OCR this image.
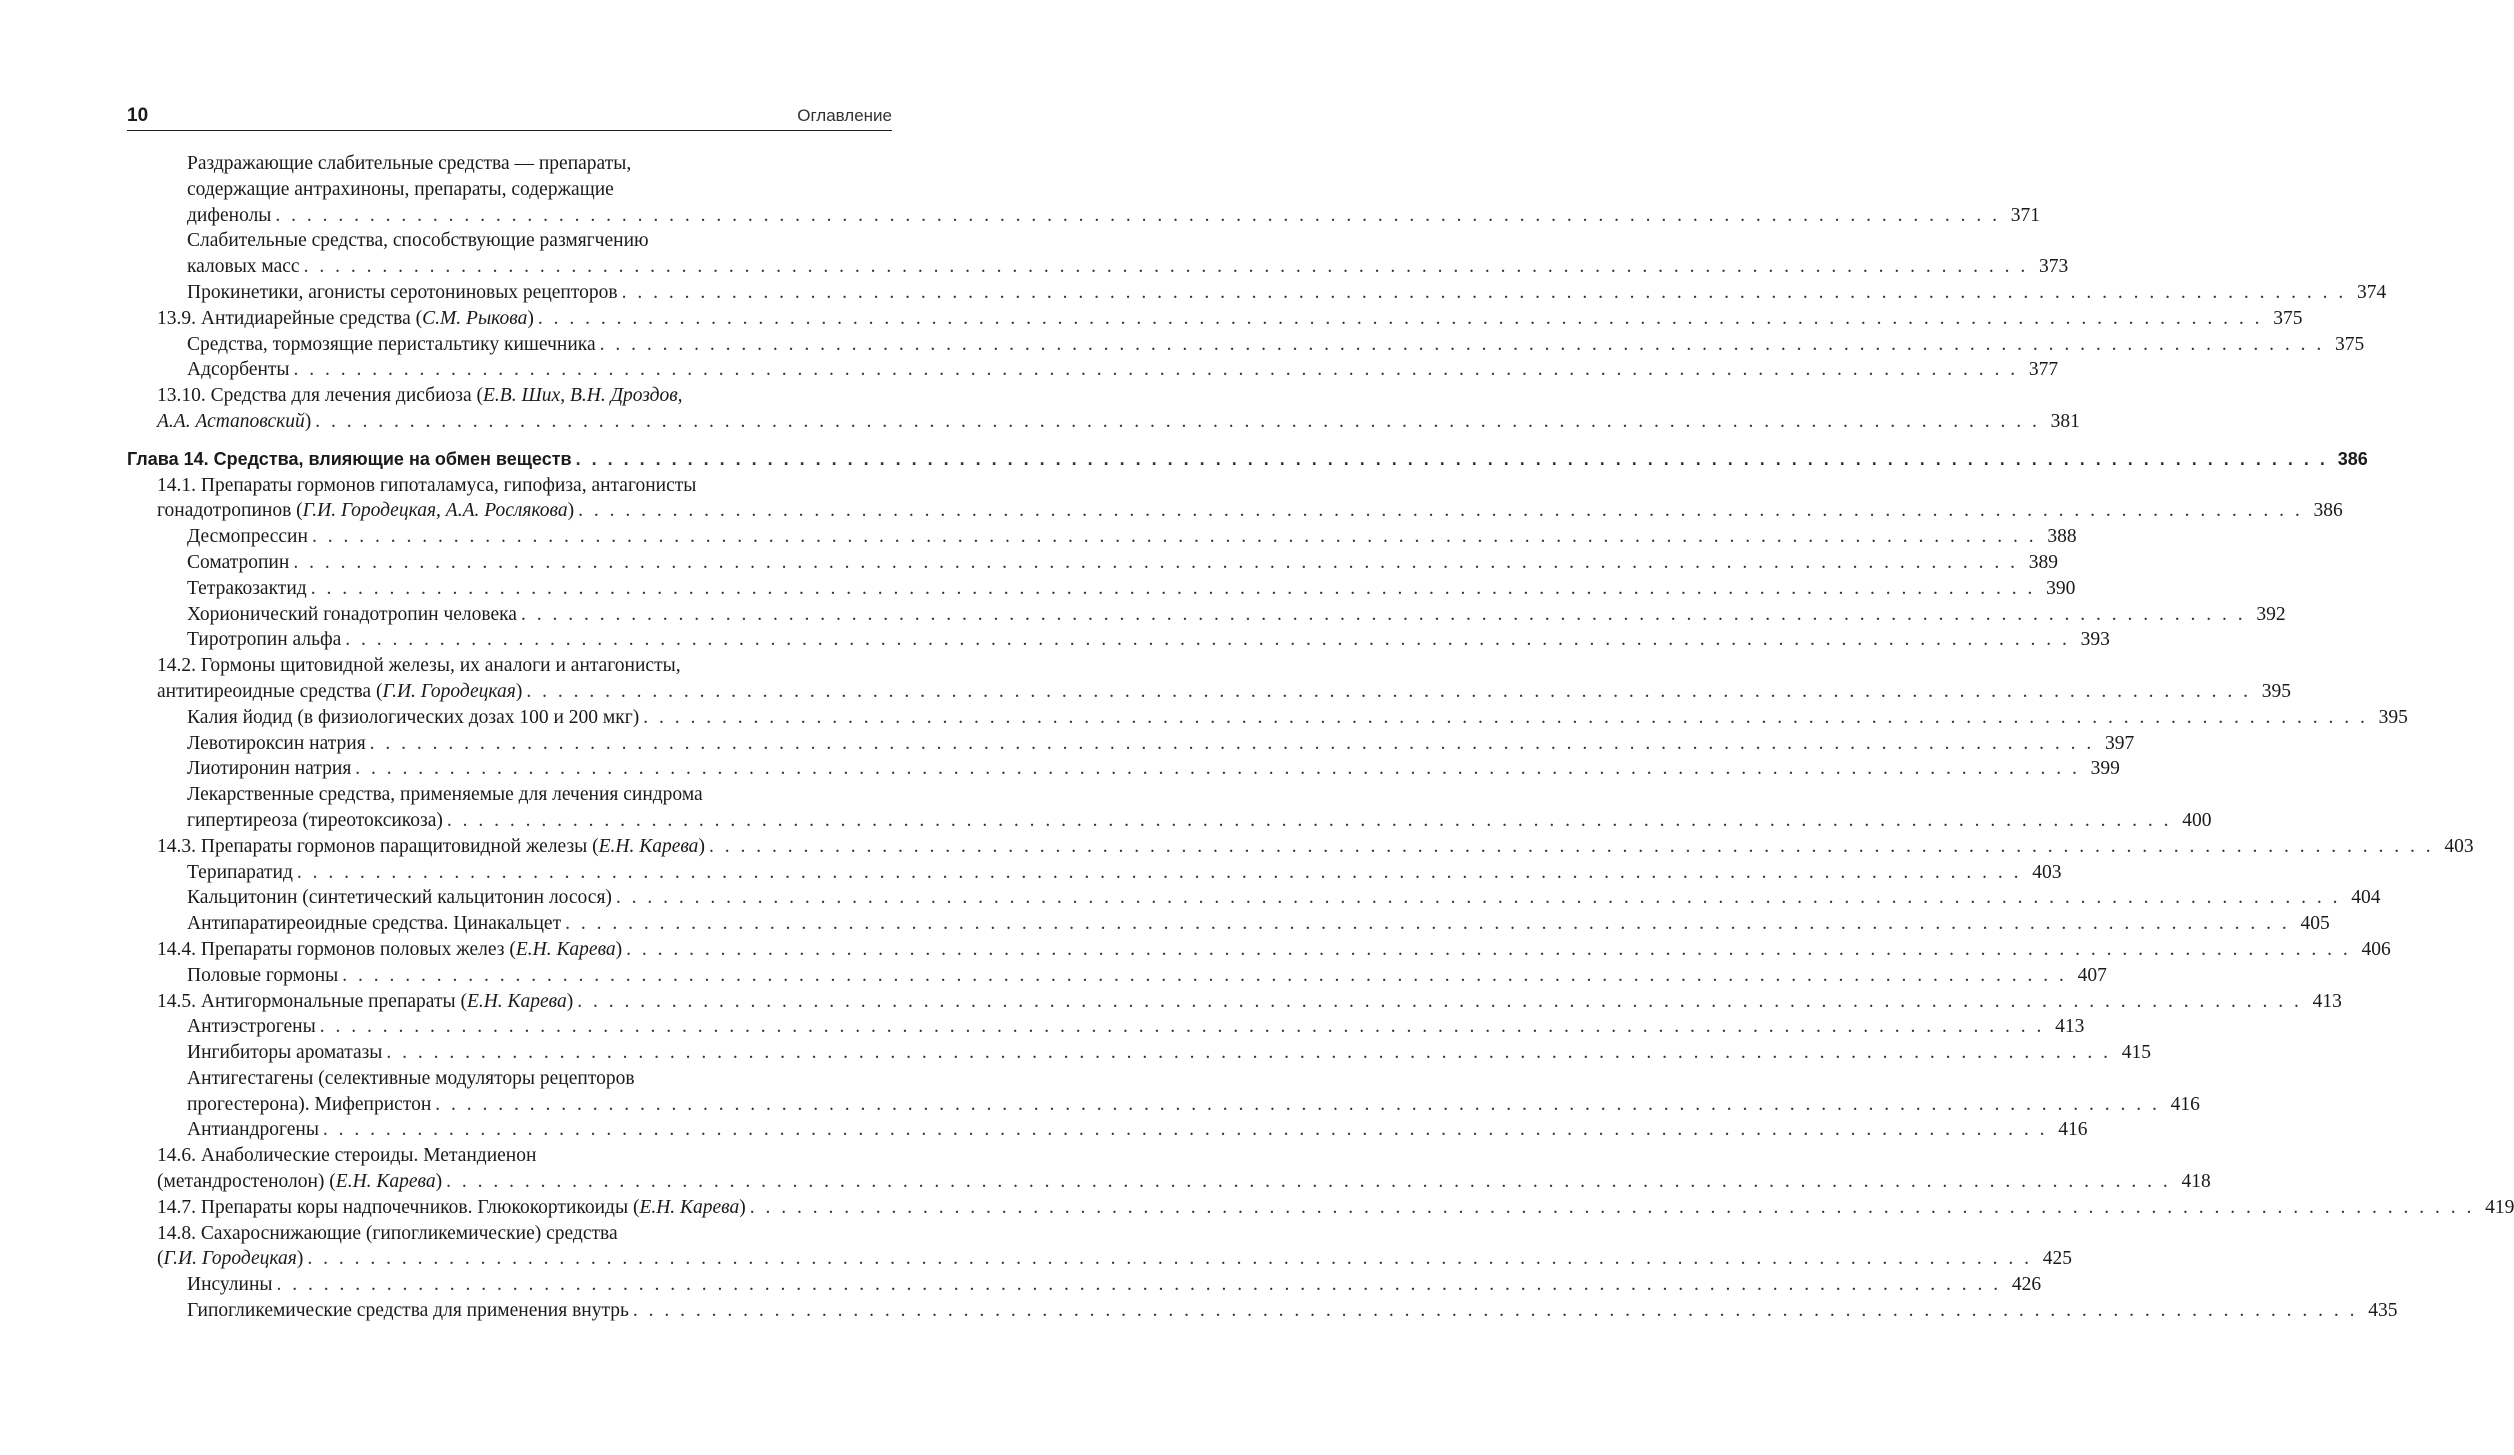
10	Оглавление
Раздражающие слабительные средства — препараты,
содержащие антрахиноны, препараты, содержащие
дифенолы . . .	371
Слабительные средства, способствующие размягчению
каловых масс . . .	373
Прокинетики, агонисты серотониновых рецепторов . . .	374
13.9. Антидиарейные средства (С.М. Рыкова) . . .	375
Средства, тормозящие перистальтику кишечника . . .	375
Адсорбенты . . .	377
13.10. Средства для лечения дисбиоза (Е.В. Ших, В.Н. Дроздов,
А.А. Астаповский) . . .	381
Глава 14. Средства, влияющие на обмен веществ . . .	386
14.1. Препараты гормонов гипоталамуса, гипофиза, антагонисты
гонадотропинов (Г.И. Городецкая, А.А. Рослякова) . . .	386
Десмопрессин . . .	388
Соматропин . . .	389
Тетракозактид . . .	390
Хорионический гонадотропин человека . . .	392
Тиротропин альфа . . .	393
14.2. Гормоны щитовидной железы, их аналоги и антагонисты,
антитиреоидные средства (Г.И. Городецкая) . . .	395
Калия йодид (в физиологических дозах 100 и 200 мкг) . . .	395
Левотироксин натрия . . .	397
Лиотиронин натрия . . .	399
Лекарственные средства, применяемые для лечения синдрома
гипертиреоза (тиреотоксикоза) . . .	400
14.3. Препараты гормонов паращитовидной железы (Е.Н. Карева) . . .	403
Терипаратид . . .	403
Кальцитонин (синтетический кальцитонин лосося) . . .	404
Антипаратиреоидные средства. Цинакальцет . . .	405
14.4. Препараты гормонов половых желез (Е.Н. Карева) . . .	406
Половые гормоны . . .	407
14.5. Антигормональные препараты (Е.Н. Карева) . . .	413
Антиэстрогены . . .	413
Ингибиторы ароматазы . . .	415
Антигестагены (селективные модуляторы рецепторов
прогестерона). Мифепристон . . .	416
Антиандрогены . . .	416
14.6. Анаболические стероиды. Метандиенон
(метандростенолон) (Е.Н. Карева) . . .	418
14.7. Препараты коры надпочечников. Глюкокортикоиды (Е.Н. Карева) . . .	419
14.8. Сахароснижающие (гипогликемические) средства
(Г.И. Городецкая) . . .	425
Инсулины . . .	426
Гипогликемические средства для применения внутрь . . .	435
